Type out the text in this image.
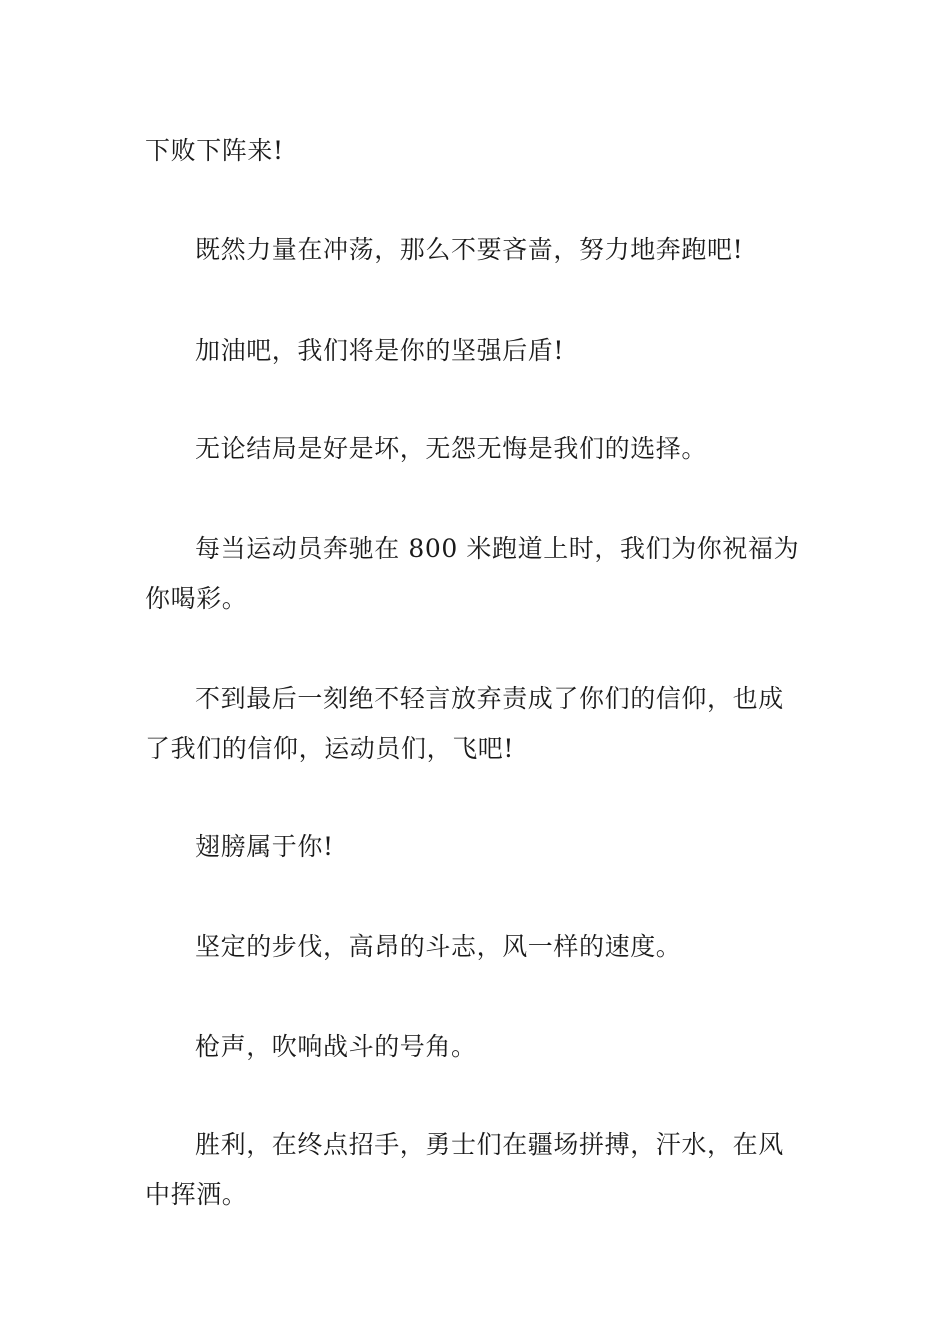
下败下阵来!

既然力量在冲荡，那么不要吝啬，努力地奔跑吧!

加油吧，我们将是你的坚强后盾!

无论结局是好是坏，无怨无悔是我们的选择。

每当运动员奔驰在 800 米跑道上时，我们为你祝福为你喝彩。

不到最后一刻绝不轻言放弃责成了你们的信仰，也成了我们的信仰，运动员们，飞吧!

翅膀属于你!

坚定的步伐，高昂的斗志，风一样的速度。

枪声，吹响战斗的号角。

胜利，在终点招手，勇士们在疆场拼搏，汗水，在风中挥洒。
